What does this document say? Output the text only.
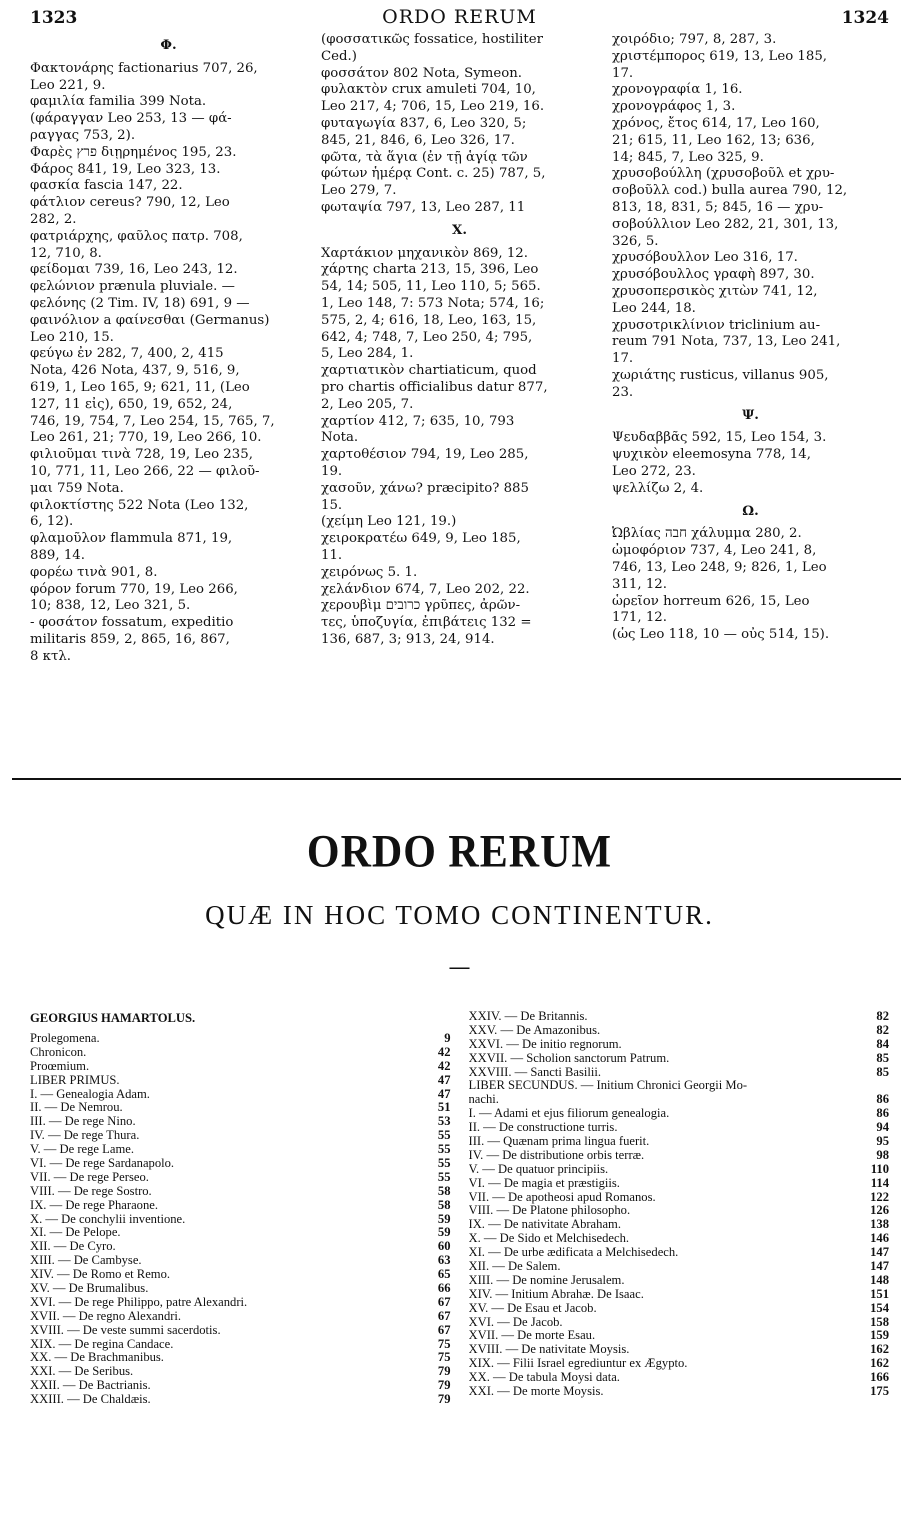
1323	ORDO RERUM	1324
Φ.
Φακτονάρης factionarius 707, 26,
Leo 221, 9.
φαμιλία familia 399 Nota.
(φάραγγαν Leo 253, 13 — φά-
ραγγας 753, 2).
Φαρὲς פרץ διῃρημένος 195, 23.
Φάρος 841, 19, Leo 323, 13.
φασκία fascia 147, 22.
φάτλιον cereus? 790, 12, Leo
282, 2.
φατριάρχης, φαῦλος πατρ. 708,
12, 710, 8.
φείδομαι 739, 16, Leo 243, 12.
φελώνιον prænula pluviale. —
φελόνης (2 Tim. IV, 18) 691, 9 —
φαινόλιον a φαίνεσθαι (Germanus)
Leo 210, 15.
φεύγω ἐν 282, 7, 400, 2, 415
Nota, 426 Nota, 437, 9, 516, 9,
619, 1, Leo 165, 9; 621, 11, (Leo
127, 11 εἰς), 650, 19, 652, 24,
746, 19, 754, 7, Leo 254, 15, 765, 7,
Leo 261, 21; 770, 19, Leo 266, 10.
φιλιοῦμαι τινὰ 728, 19, Leo 235,
10, 771, 11, Leo 266, 22 — φιλοῦ-
μαι 759 Nota.
φιλοκτίστης 522 Nota (Leo 132,
6, 12).
φλαμοῦλον flammula 871, 19,
889, 14.
φορέω τινὰ 901, 8.
φόρον forum 770, 19, Leo 266,
10; 838, 12, Leo 321, 5.
- φοσάτον fossatum, expeditio
militaris 859, 2, 865, 16, 867,
8 κτλ.
(φοσσατικῶς fossatice, hostiliter
Ced.)
φοσσάτον 802 Nota, Symeon.
φυλακτὸν crux amuleti 704, 10,
Leo 217, 4; 706, 15, Leo 219, 16.
φυταγωγία 837, 6, Leo 320, 5;
845, 21, 846, 6, Leo 326, 17.
φῶτα, τὰ ἅγια (ἐν τῇ ἁγίᾳ τῶν
φώτων ἡμέρᾳ Cont. c. 25) 787, 5,
Leo 279, 7.
φωταψία 797, 13, Leo 287, 11
X.
Χαρτάκιον μηχανικὸν 869, 12.
χάρτης charta 213, 15, 396, Leo
54, 14; 505, 11, Leo 110, 5; 565.
1, Leo 148, 7: 573 Nota; 574, 16;
575, 2, 4; 616, 18, Leo, 163, 15,
642, 4; 748, 7, Leo 250, 4; 795,
5, Leo 284, 1.
χαρτιατικὸν chartiaticum, quod
pro chartis officialibus datur 877,
2, Leo 205, 7.
χαρτίον 412, 7; 635, 10, 793
Nota.
χαρτοθέσιον 794, 19, Leo 285,
19.
χασοῦν, χάνω? præcipito? 885
15.
(χείμη Leo 121, 19.)
χειροκρατέω 649, 9, Leo 185,
11.
χειρόνως 5. 1.
χελάνδιον 674, 7, Leo 202, 22.
χερουβὶμ כרובים γρῦπες, ἀρῶν-
τες, ὑποζυγία, ἐπιβάτεις 132 =
136, 687, 3; 913, 24, 914.
χοιρόδιο; 797, 8, 287, 3.
χριστέμπορος 619, 13, Leo 185,
17.
χρονογραφία 1, 16.
χρονογράφος 1, 3.
χρόνος, ἔτος 614, 17, Leo 160,
21; 615, 11, Leo 162, 13; 636,
14; 845, 7, Leo 325, 9.
χρυσοβούλλη (χρυσοβοῦλ et χρυ-
σοβοῦλλ cod.) bulla aurea 790, 12,
813, 18, 831, 5; 845, 16 — χρυ-
σοβούλλιον Leo 282, 21, 301, 13,
326, 5.
χρυσόβουλλον Leo 316, 17.
χρυσόβουλλος γραφὴ 897, 30.
χρυσοπερσικὸς χιτὼν 741, 12,
Leo 244, 18.
χρυσοτρικλίνιον triclinium au-
reum 791 Nota, 737, 13, Leo 241,
17.
χωριάτης rusticus, villanus 905,
23.
Ψ.
Ψευδαββᾶς 592, 15, Leo 154, 3.
ψυχικὸν eleemosyna 778, 14,
Leo 272, 23.
ψελλίζω 2, 4.
Ω.
Ὠβλίας חבה χάλυμμα 280, 2.
ὠμοφόριον 737, 4, Leo 241, 8,
746, 13, Leo 248, 9; 826, 1, Leo
311, 12.
ὡρεῖον horreum 626, 15, Leo
171, 12.
(ὡς Leo 118, 10 — οὖς 514, 15).
ORDO RERUM
QUÆ IN HOC TOMO CONTINENTUR.
—
GEORGIUS HAMARTOLUS.
Prolegomena.	9
Chronicon.	42
Proœmium.	42
LIBER PRIMUS.	47
I. — Genealogia Adam.	47
II. — De Nemrou.	51
III. — De rege Nino.	53
IV. — De rege Thura.	55
V. — De rege Lame.	55
VI. — De rege Sardanapolo.	55
VII. — De rege Perseo.	55
VIII. — De rege Sostro.	58
IX. — De rege Pharaone.	58
X. — De conchylii inventione.	59
XI. — De Pelope.	59
XII. — De Cyro.	60
XIII. — De Cambyse.	63
XIV. — De Romo et Remo.	65
XV. — De Brumalibus.	66
XVI. — De rege Philippo, patre Alexandri.	67
XVII. — De regno Alexandri.	67
XVIII. — De veste summi sacerdotis.	67
XIX. — De regina Candace.	75
XX. — De Brachmanibus.	75
XXI. — De Seribus.	79
XXII. — De Bactrianis.	79
XXIII. — De Chaldæis.	79
XXIV. — De Britannis.	82
XXV. — De Amazonibus.	82
XXVI. — De initio regnorum.	84
XXVII. — Scholion sanctorum Patrum.	85
XXVIII. — Sancti Basilii.	85
LIBER SECUNDUS. — Initium Chronici Georgii Mo-
nachi.	86
I. — Adami et ejus filiorum genealogia.	86
II. — De constructione turris.	94
III. — Quænam prima lingua fuerit.	95
IV. — De distributione orbis terræ.	98
V. — De quatuor principiis.	110
VI. — De magia et præstigiis.	114
VII. — De apotheosi apud Romanos.	122
VIII. — De Platone philosopho.	126
IX. — De nativitate Abraham.	138
X. — De Sido et Melchisedech.	146
XI. — De urbe ædificata a Melchisedech.	147
XII. — De Salem.	147
XIII. — De nomine Jerusalem.	148
XIV. — Initium Abrahæ. De Isaac.	151
XV. — De Esau et Jacob.	154
XVI. — De Jacob.	158
XVII. — De morte Esau.	159
XVIII. — De nativitate Moysis.	162
XIX. — Filii Israel egrediuntur ex Ægypto.	162
XX. — De tabula Moysi data.	166
XXI. — De morte Moysis.	175
